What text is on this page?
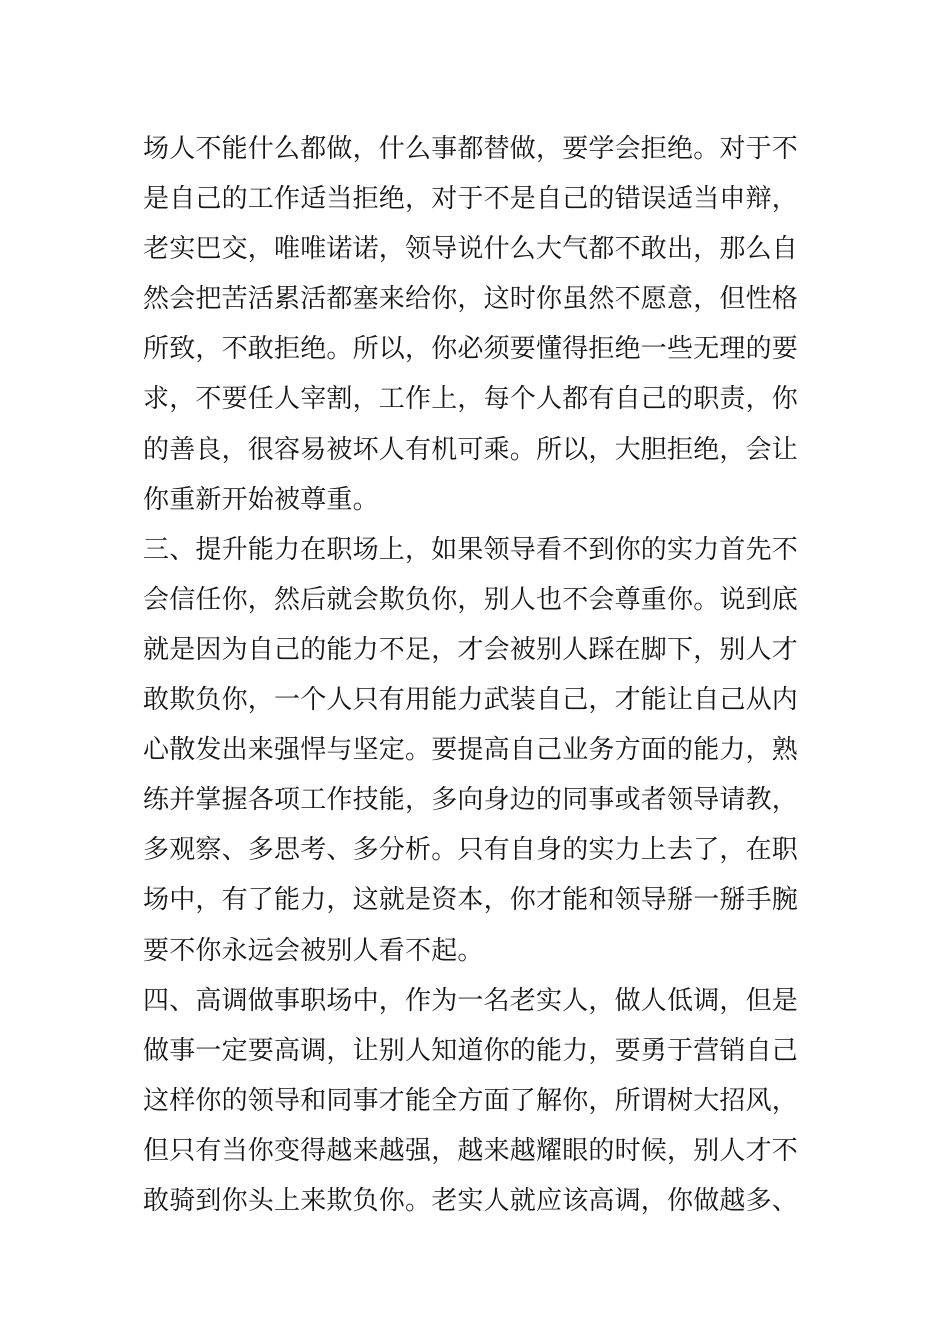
场人不能什么都做，什么事都替做，要学会拒绝。对于不
是自己的工作适当拒绝，对于不是自己的错误适当申辩，
老实巴交，唯唯诺诺，领导说什么大气都不敢出，那么自
然会把苦活累活都塞来给你，这时你虽然不愿意，但性格
所致，不敢拒绝。所以，你必须要懂得拒绝一些无理的要
求，不要任人宰割，工作上，每个人都有自己的职责，你
的善良，很容易被坏人有机可乘。所以，大胆拒绝，会让
你重新开始被尊重。
三、提升能力在职场上，如果领导看不到你的实力首先不
会信任你，然后就会欺负你，别人也不会尊重你。说到底
就是因为自己的能力不足，才会被别人踩在脚下，别人才
敢欺负你，一个人只有用能力武装自己，才能让自己从内
心散发出来强悍与坚定。要提高自己业务方面的能力，熟
练并掌握各项工作技能，多向身边的同事或者领导请教，
多观察、多思考、多分析。只有自身的实力上去了，在职
场中，有了能力，这就是资本，你才能和领导掰一掰手腕
要不你永远会被别人看不起。
四、高调做事职场中，作为一名老实人，做人低调，但是
做事一定要高调，让别人知道你的能力，要勇于营销自己
这样你的领导和同事才能全方面了解你，所谓树大招风，
但只有当你变得越来越强，越来越耀眼的时候，别人才不
敢骑到你头上来欺负你。老实人就应该高调，你做越多、
